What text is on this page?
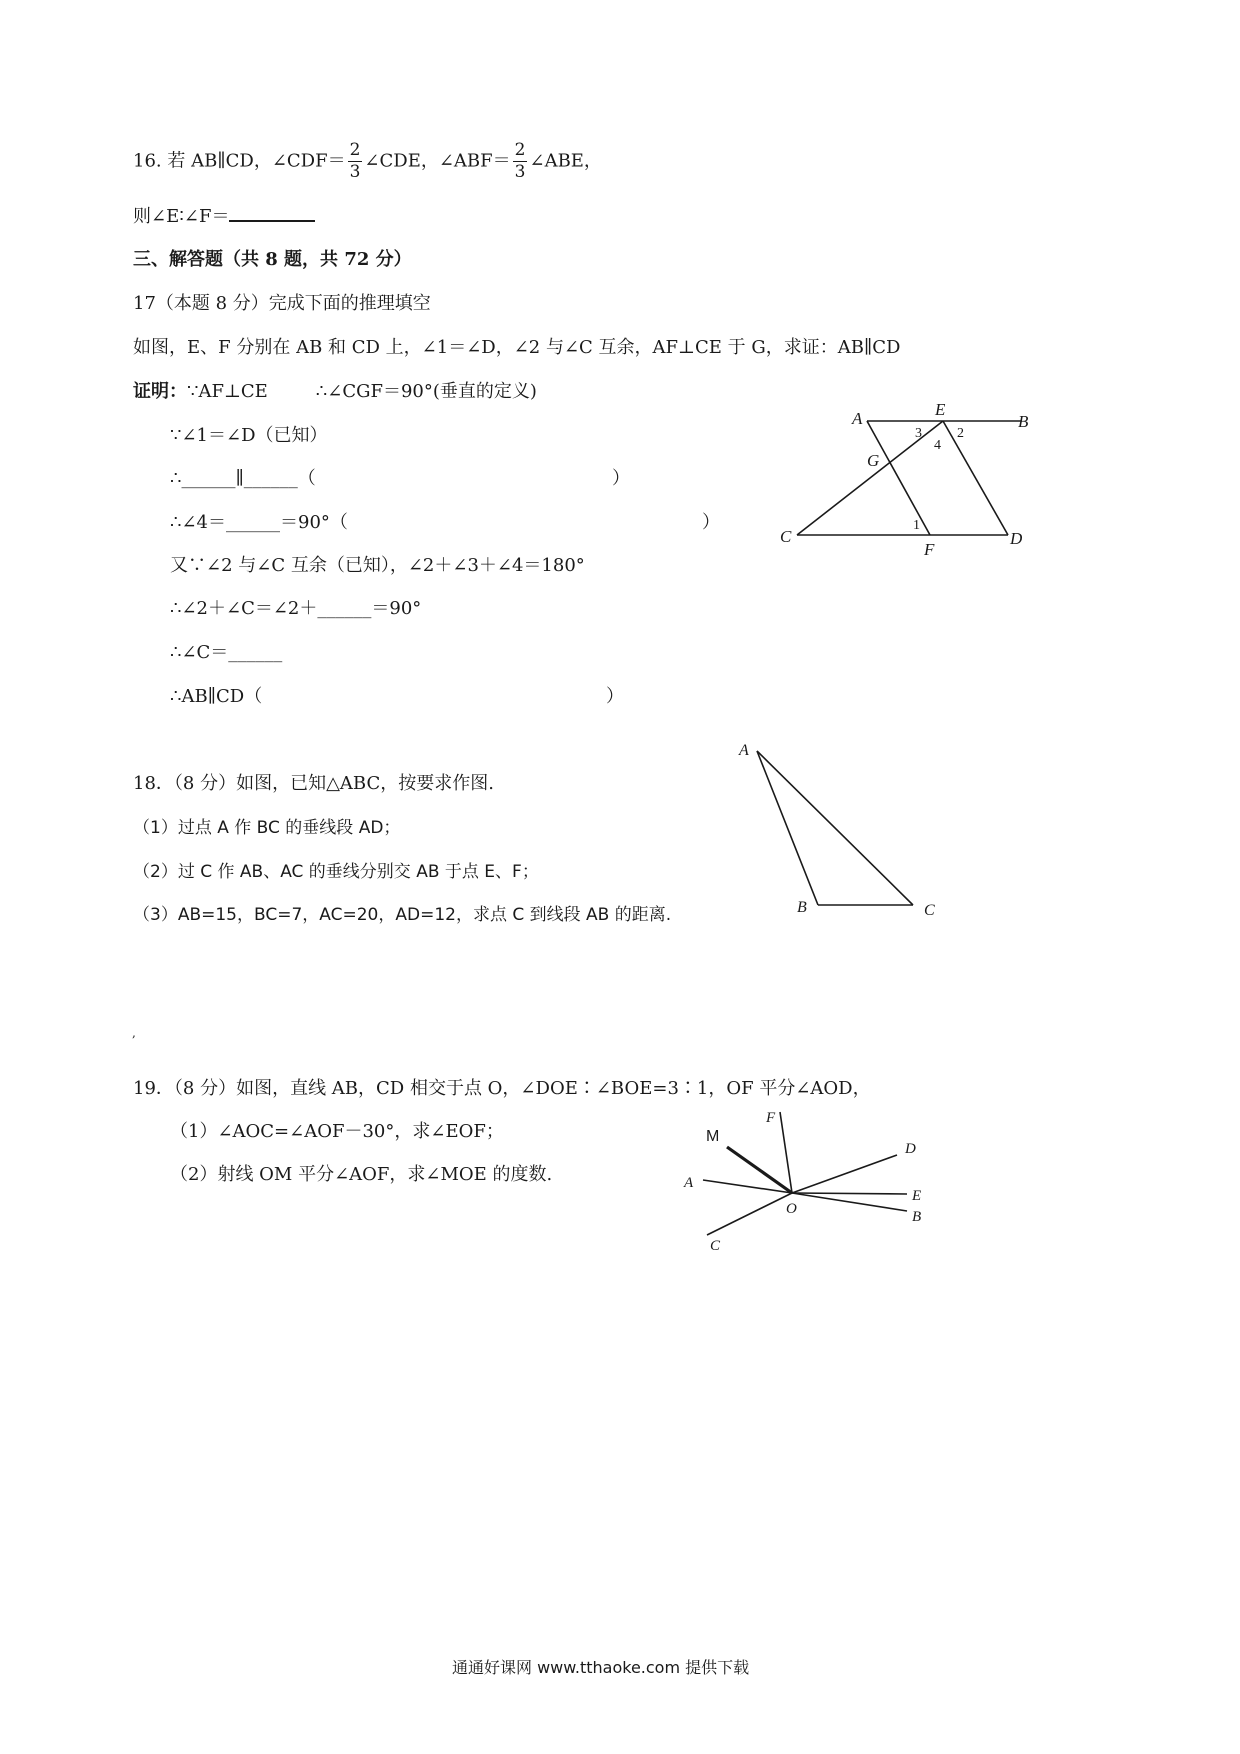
16. 若 AB∥CD，∠CDF＝ $\frac{2}{3}$ ∠CDE，∠ABF＝ $\frac{2}{3}$ ∠ABE，
则∠E∶∠F＝
三、解答题（共 8 题，共 72 分）
17（本题 8 分）完成下面的推理填空
如图，E、F 分别在 AB 和 CD 上，∠1＝∠D，∠2 与∠C 互余，AF⊥CE 于 G，求证：AB∥CD
证明：∵AF⊥CE	∴∠CGF＝90°(垂直的定义)
∵∠1＝∠D（已知）
∴______∥______（	）
∴∠4＝______＝90°（	）
又∵∠2 与∠C 互余（已知），∠2＋∠3＋∠4＝180°
∴∠2＋∠C＝∠2＋______＝90°
∴∠C＝______
∴AB∥CD（	）
A	E
B
G
C
F
D
1
2
3
4
18．（8 分）如图，已知△ABC，按要求作图.
（1）过点 A 作 BC 的垂线段 AD；
（2）过 C 作 AB、AC 的垂线分别交 AB 于点 E、F；
（3）AB=15，BC=7，AC=20，AD=12，求点 C 到线段 AB 的距离.
A
B	C
,
19．（8 分）如图，直线 AB，CD 相交于点 O，∠DOE∶∠BOE=3∶1，OF 平分∠AOD，
（1）∠AOC=∠AOF－30°，求∠EOF；
（2）射线 OM 平分∠AOF，求∠MOE 的度数.
M
F
D
A
E
O	B
C
通通好课网 www.tthaoke.com 提供下载
